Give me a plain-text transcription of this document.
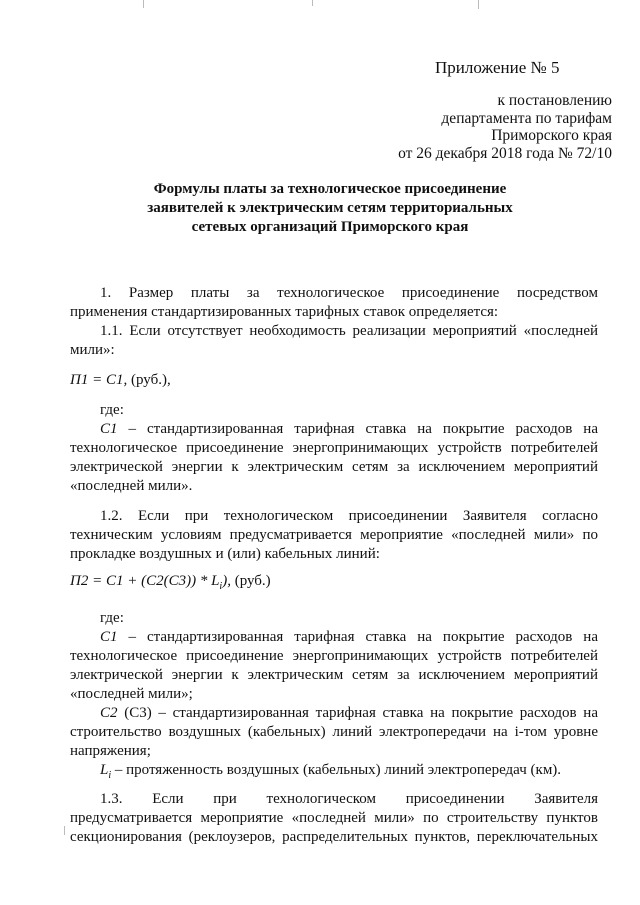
Приложение № 5
к постановлению
департамента по тарифам
Приморского края
от 26 декабря 2018 года № 72/10
Формулы платы за технологическое присоединение
заявителей к электрическим сетям территориальных
сетевых организаций Приморского края
1. Размер платы за технологическое присоединение посредством
применения стандартизированных тарифных ставок определяется:
1.1. Если отсутствует необходимость реализации мероприятий «последней
мили»:
П1 = С1, (руб.),
где:
С1 – стандартизированная тарифная ставка на покрытие расходов на
технологическое присоединение энергопринимающих устройств потребителей
электрической энергии к электрическим сетям за исключением мероприятий
«последней мили».
1.2. Если при технологическом присоединении Заявителя согласно
техническим условиям предусматривается мероприятие «последней мили» по
прокладке воздушных и (или) кабельных линий:
$П2 = С1 + (С2(С3)) * L_i$), (руб.)
где:
С1 – стандартизированная тарифная ставка на покрытие расходов на
технологическое присоединение энергопринимающих устройств потребителей
электрической энергии к электрическим сетям за исключением мероприятий
«последней мили»;
С2 (С3) – стандартизированная тарифная ставка на покрытие расходов на
строительство воздушных (кабельных) линий электропередачи на i-том уровне
напряжения;
$L_i$ – протяженность воздушных (кабельных) линий электропередач (км).
1.3. Если при технологическом присоединении Заявителя
предусматривается мероприятие «последней мили» по строительству пунктов
секционирования (реклоузеров, распределительных пунктов, переключательных
